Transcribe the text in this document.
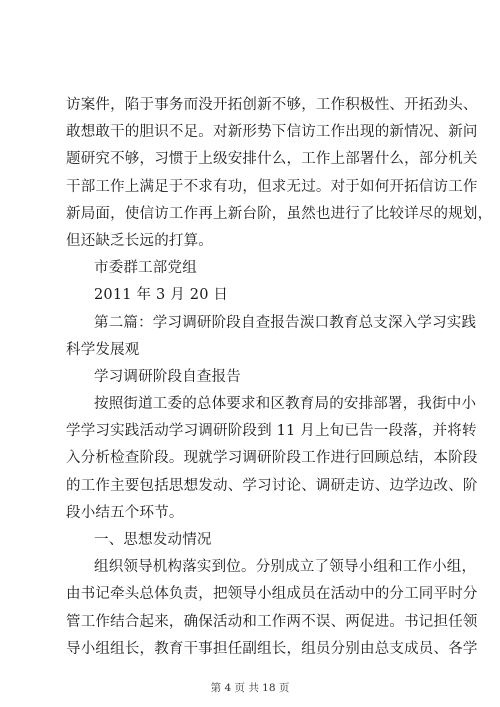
访案件，陷于事务而没开拓创新不够，工作积极性、开拓劲头、
敢想敢干的胆识不足。对新形势下信访工作出现的新情况、新问
题研究不够，习惯于上级安排什么，工作上部署什么，部分机关
干部工作上满足于不求有功，但求无过。对于如何开拓信访工作
新局面，使信访工作再上新台阶，虽然也进行了比较详尽的规划，
但还缺乏长远的打算。
市委群工部党组
2011 年 3 月 20 日
第二篇：学习调研阶段自查报告湠口教育总支深入学习实践
科学发展观
学习调研阶段自查报告
按照街道工委的总体要求和区教育局的安排部署，我街中小
学学习实践活动学习调研阶段到 11 月上旬已告一段落，并将转
入分析检查阶段。现就学习调研阶段工作进行回顾总结，本阶段
的工作主要包括思想发动、学习讨论、调研走访、边学边改、阶
段小结五个环节。
一、思想发动情况
组织领导机构落实到位。分别成立了领导小组和工作小组，
由书记牵头总体负责，把领导小组成员在活动中的分工同平时分
管工作结合起来，确保活动和工作两不误、两促进。书记担任领
导小组组长，教育干事担任副组长，组员分别由总支成员、各学
第 4 页 共 18 页
